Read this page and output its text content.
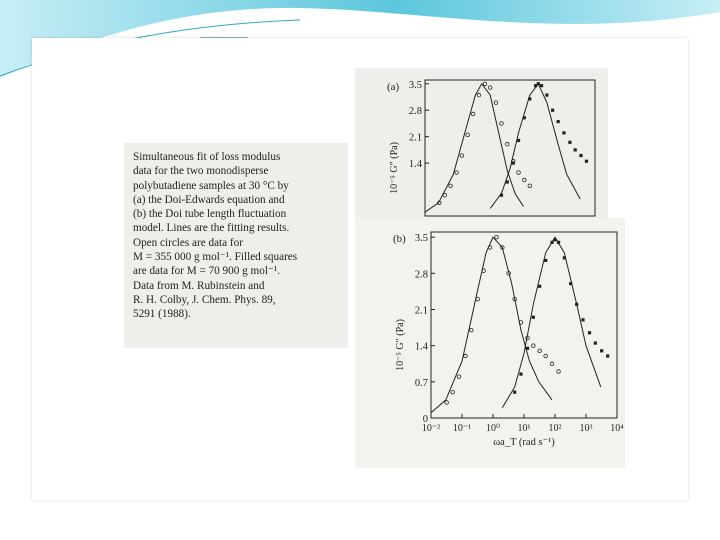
Simultaneous fit of loss modulus
data for the two monodisperse
polybutadiene samples at 30 °C by
(a) the Doi-Edwards equation and
(b) the Doi tube length fluctuation
model. Lines are the fitting results.
Open circles are data for
M = 355 000 g mol⁻¹. Filled squares
are data for M = 70 900 g mol⁻¹.
Data from M. Rubinstein and
R. H. Colby, J. Chem. Phys. 89,
5291 (1988).
(a)
10⁻⁵ G″ (Pa)
3.5
2.8
2.1
1.4
(b)
10⁻⁵ G″ (Pa)
3.5
2.8
2.1
1.4
0.7
0
10⁻² 10⁻¹ 10⁰ 10¹ 10² 10³ 10⁴
ωa_T (rad s⁻¹)
